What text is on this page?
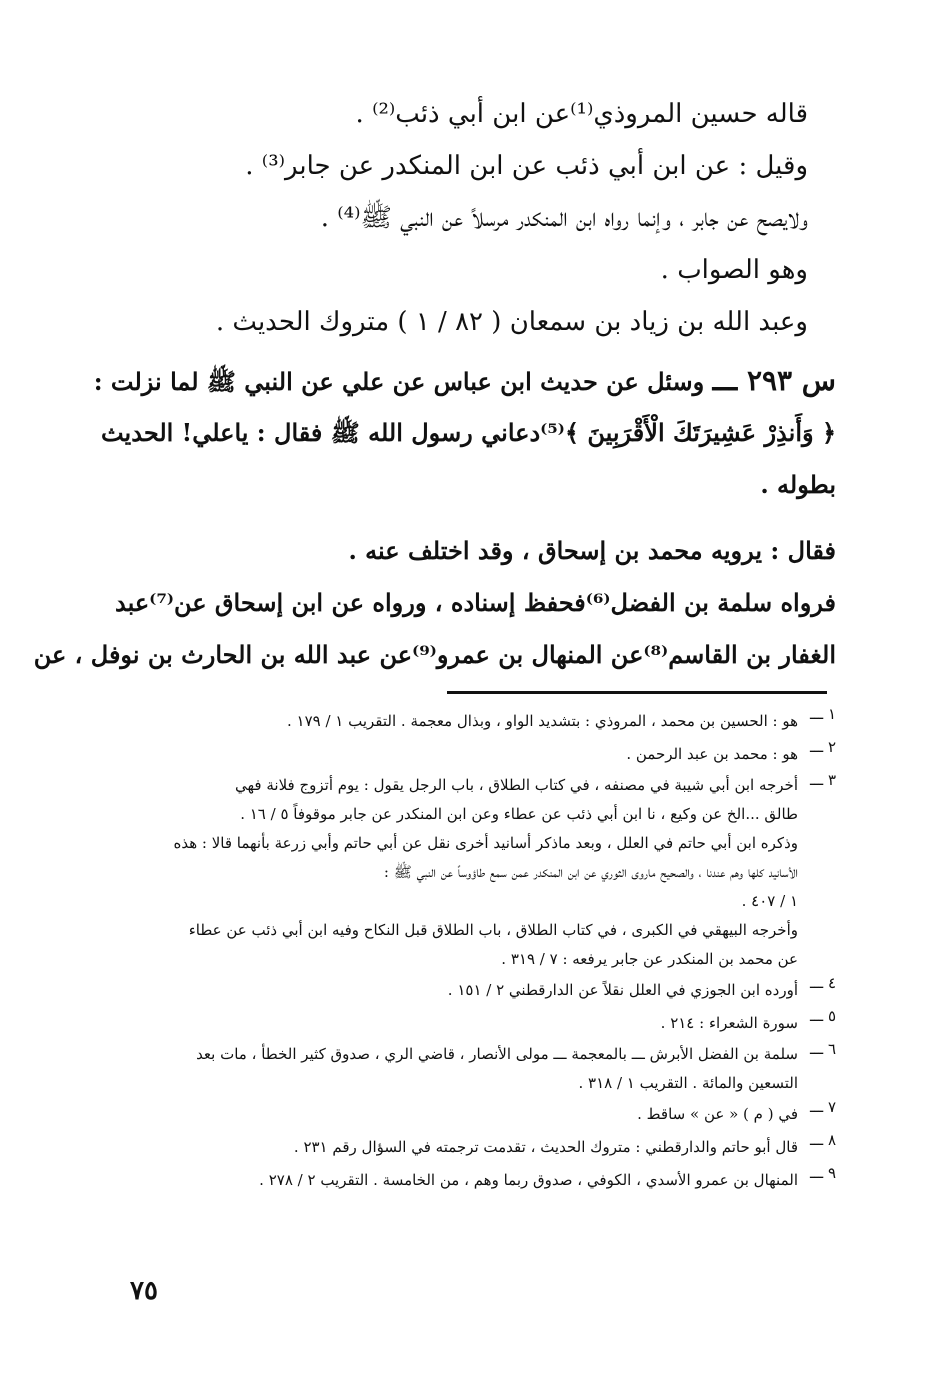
قاله حسين المروذي⁽¹⁾عن ابن أبي ذئب⁽²⁾ .
وقيل : عن ابن أبي ذئب عن ابن المنكدر عن جابر⁽³⁾ .
ولايصح عن جابر ، وإنما رواه ابن المنكدر مرسلاً عن النبي ﷺ⁽⁴⁾ .
وهو الصواب .
وعبد الله بن زياد بن سمعان ( ٨٢ / ١ ) متروك الحديث .
س ٢٩٣ ـــ وسئل عن حديث ابن عباس عن علي عن النبي ﷺ لما نزلت :
﴿ وَأَنذِرْ عَشِيرَتَكَ الْأَقْرَبِينَ ﴾⁽⁵⁾دعاني رسول الله ﷺ فقال : ياعلي! الحديث
بطوله .
فقال : يرويه محمد بن إسحاق ، وقد اختلف عنه .
فرواه سلمة بن الفضل⁽⁶⁾فحفظ إسناده ، ورواه عن ابن إسحاق عن⁽⁷⁾عبد
الغفار بن القاسم⁽⁸⁾عن المنهال بن عمرو⁽⁹⁾عن عبد الله بن الحارث بن نوفل ، عن
١ ـــ
هو : الحسين بن محمد ، المروذي : بتشديد الواو ، وبذال معجمة . التقريب ١ / ١٧٩ .
٢ ـــ
هو : محمد بن عبد الرحمن .
٣ ـــ
أخرجه ابن أبي شيبة في مصنفه ، في كتاب الطلاق ، باب الرجل يقول : يوم أتزوج فلانة فهي
طالق ...الخ عن وكيع ، نا ابن أبي ذئب عن عطاء وعن ابن المنكدر عن جابر موقوفاً ٥ / ١٦ .
وذكره ابن أبي حاتم في العلل ، وبعد ماذكر أسانيد أخرى نقل عن أبي حاتم وأبي زرعة بأنهما قالا : هذه
الأسانيد كلها وهم عندنا ، والصحيح ماروى الثوري عن ابن المنكدر عمن سمع طاؤوساً عن النبي ﷺ :
١ / ٤٠٧ .
وأخرجه البيهقي في الكبرى ، في كتاب الطلاق ، باب الطلاق قبل النكاح وفيه ابن أبي ذئب عن عطاء
عن محمد بن المنكدر عن جابر يرفعه : ٧ / ٣١٩ .
٤ ـــ
أورده ابن الجوزي في العلل نقلاً عن الدارقطني ٢ / ١٥١ .
٥ ـــ
سورة الشعراء : ٢١٤ .
٦ ـــ
سلمة بن الفضل الأبرش ـــ بالمعجمة ـــ مولى الأنصار ، قاضي الري ، صدوق كثير الخطأ ، مات بعد
التسعين والمائة . التقريب ١ / ٣١٨ .
٧ ـــ
في ( م ) « عن » ساقط .
٨ ـــ
قال أبو حاتم والدارقطني : متروك الحديث ، تقدمت ترجمته في السؤال رقم ٢٣١ .
٩ ـــ
المنهال بن عمرو الأسدي ، الكوفي ، صدوق ربما وهم ، من الخامسة . التقريب ٢ / ٢٧٨ .
٧٥
